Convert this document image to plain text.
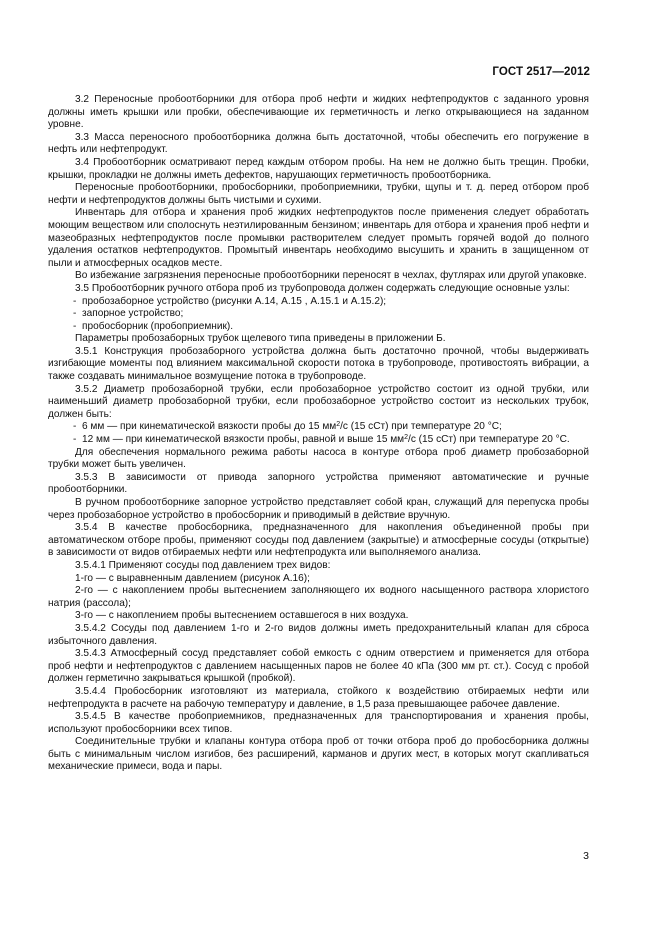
ГОСТ 2517—2012

3.2 Переносные пробоотборники для отбора проб нефти и жидких нефтепродуктов с заданного уровня должны иметь крышки или пробки, обеспечивающие их герметичность и легко открывающиеся на заданном уровне.

3.3 Масса переносного пробоотборника должна быть достаточной, чтобы обеспечить его погружение в нефть или нефтепродукт.

3.4 Пробоотборник осматривают перед каждым отбором пробы. На нем не должно быть трещин. Пробки, крышки, прокладки не должны иметь дефектов, нарушающих герметичность пробоотборника.

Переносные пробоотборники, пробосборники, пробоприемники, трубки, щупы и т. д. перед отбором проб нефти и нефтепродуктов должны быть чистыми и сухими.

Инвентарь для отбора и хранения проб жидких нефтепродуктов после применения следует обработать моющим веществом или сполоснуть неэтилированным бензином; инвентарь для отбора и хранения проб нефти и мазеобразных нефтепродуктов после промывки растворителем следует промыть горячей водой до полного удаления остатков нефтепродуктов. Промытый инвентарь необходимо высушить и хранить в защищенном от пыли и атмосферных осадков месте.

Во избежание загрязнения переносные пробоотборники переносят в чехлах, футлярах или другой упаковке.

3.5 Пробоотборник ручного отбора проб из трубопровода должен содержать следующие основные узлы:

- пробозаборное устройство (рисунки А.14, А.15 , А.15.1 и А.15.2);

- запорное устройство;

- пробосборник (пробоприемник).

Параметры пробозаборных трубок щелевого типа приведены в приложении Б.

3.5.1 Конструкция пробозаборного устройства должна быть достаточно прочной, чтобы выдерживать изгибающие моменты под влиянием максимальной скорости потока в трубопроводе, противостоять вибрации, а также создавать минимальное возмущение потока в трубопроводе.

3.5.2 Диаметр пробозаборной трубки, если пробозаборное устройство состоит из одной трубки, или наименьший диаметр пробозаборной трубки, если пробозаборное устройство состоит из нескольких трубок, должен быть:

- 6 мм — при кинематической вязкости пробы до 15 $мм^2/с$ (15 сСт) при температуре 20 °С;

- 12 мм — при кинематической вязкости пробы, равной и выше 15 $мм^2/с$ (15 сСт) при температуре 20 °С.

Для обеспечения нормального режима работы насоса в контуре отбора проб диаметр пробозаборной трубки может быть увеличен.

3.5.3 В зависимости от привода запорного устройства применяют автоматические и ручные пробоотборники.

В ручном пробоотборнике запорное устройство представляет собой кран, служащий для перепуска пробы через пробозаборное устройство в пробосборник и приводимый в действие вручную.

3.5.4 В качестве пробосборника, предназначенного для накопления объединенной пробы при автоматическом отборе пробы, применяют сосуды под давлением (закрытые) и атмосферные сосуды (открытые) в зависимости от видов отбираемых нефти или нефтепродукта или выполняемого анализа.

3.5.4.1 Применяют сосуды под давлением трех видов:

1-го — с выравненным давлением (рисунок А.16);

2-го — с накоплением пробы вытеснением заполняющего их водного насыщенного раствора хлористого натрия (рассола);

3-го — с накоплением пробы вытеснением оставшегося в них воздуха.

3.5.4.2 Сосуды под давлением 1-го и 2-го видов должны иметь предохранительный клапан для сброса избыточного давления.

3.5.4.3 Атмосферный сосуд представляет собой емкость с одним отверстием и применяется для отбора проб нефти и нефтепродуктов с давлением насыщенных паров не более 40 кПа (300 мм рт. ст.). Сосуд с пробой должен герметично закрываться крышкой (пробкой).

3.5.4.4 Пробосборник изготовляют из материала, стойкого к воздействию отбираемых нефти или нефтепродукта в расчете на рабочую температуру и давление, в 1,5 раза превышающее рабочее давление.

3.5.4.5 В качестве пробоприемников, предназначенных для транспортирования и хранения пробы, используют пробосборники всех типов.

Соединительные трубки и клапаны контура отбора проб от точки отбора проб до пробосборника должны быть с минимальным числом изгибов, без расширений, карманов и других мест, в которых могут скапливаться механические примеси, вода и пары.

3
